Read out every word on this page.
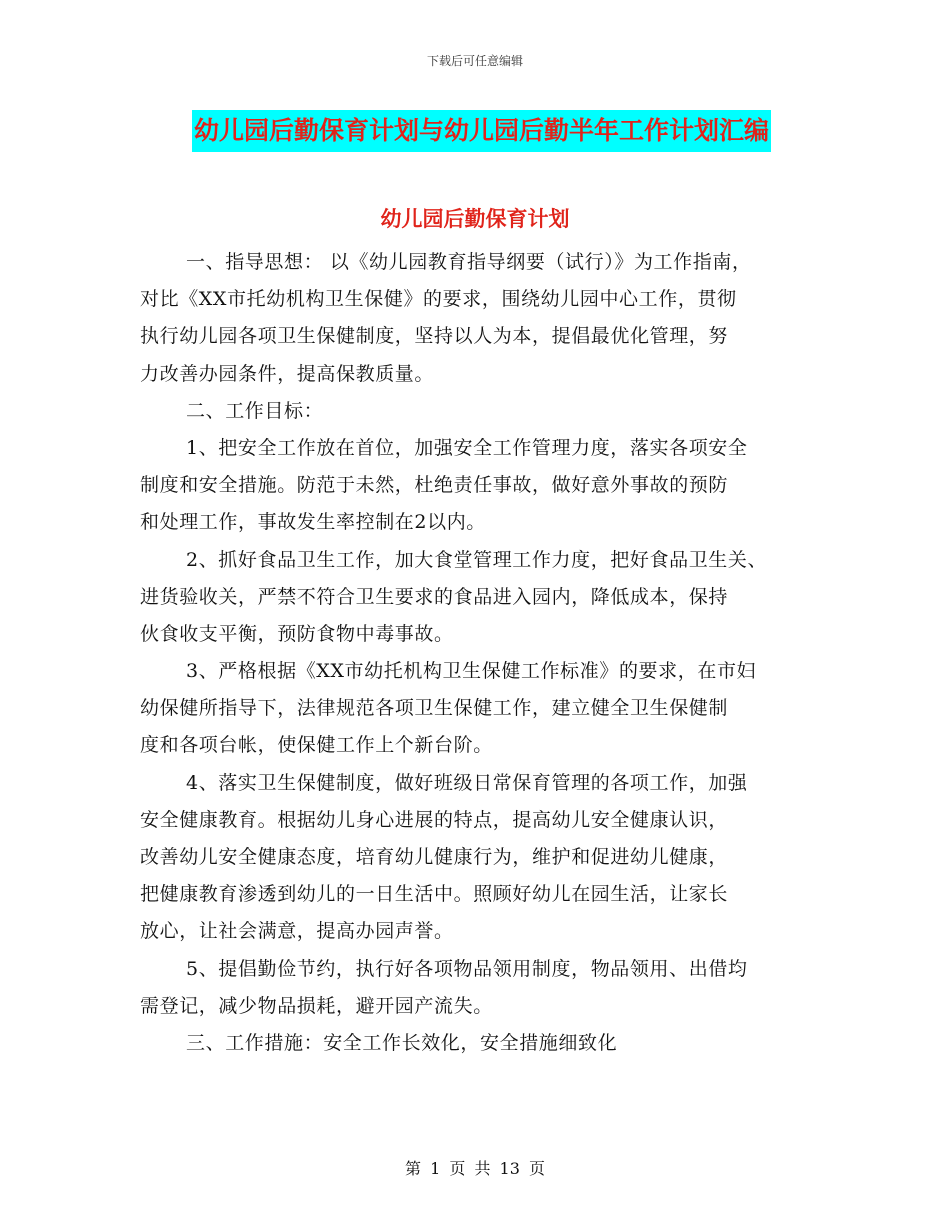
下载后可任意编辑
幼儿园后勤保育计划与幼儿园后勤半年工作计划汇编
幼儿园后勤保育计划
一、指导思想： 以《幼儿园教育指导纲要（试行）》为工作指南，
对比《XX市托幼机构卫生保健》的要求，围绕幼儿园中心工作，贯彻
执行幼儿园各项卫生保健制度，坚持以人为本，提倡最优化管理，努
力改善办园条件，提高保教质量。
二、工作目标：
1、把安全工作放在首位，加强安全工作管理力度，落实各项安全
制度和安全措施。防范于未然，杜绝责任事故，做好意外事故的预防
和处理工作，事故发生率控制在2以内。
2、抓好食品卫生工作，加大食堂管理工作力度，把好食品卫生关、
进货验收关，严禁不符合卫生要求的食品进入园内，降低成本，保持
伙食收支平衡，预防食物中毒事故。
3、严格根据《XX市幼托机构卫生保健工作标准》的要求，在市妇
幼保健所指导下，法律规范各项卫生保健工作，建立健全卫生保健制
度和各项台帐，使保健工作上个新台阶。
4、落实卫生保健制度，做好班级日常保育管理的各项工作，加强
安全健康教育。根据幼儿身心进展的特点，提高幼儿安全健康认识，
改善幼儿安全健康态度，培育幼儿健康行为，维护和促进幼儿健康，
把健康教育渗透到幼儿的一日生活中。照顾好幼儿在园生活，让家长
放心，让社会满意，提高办园声誉。
5、提倡勤俭节约，执行好各项物品领用制度，物品领用、出借均
需登记，减少物品损耗，避开园产流失。
三、工作措施：安全工作长效化，安全措施细致化
第 1 页 共 13 页
